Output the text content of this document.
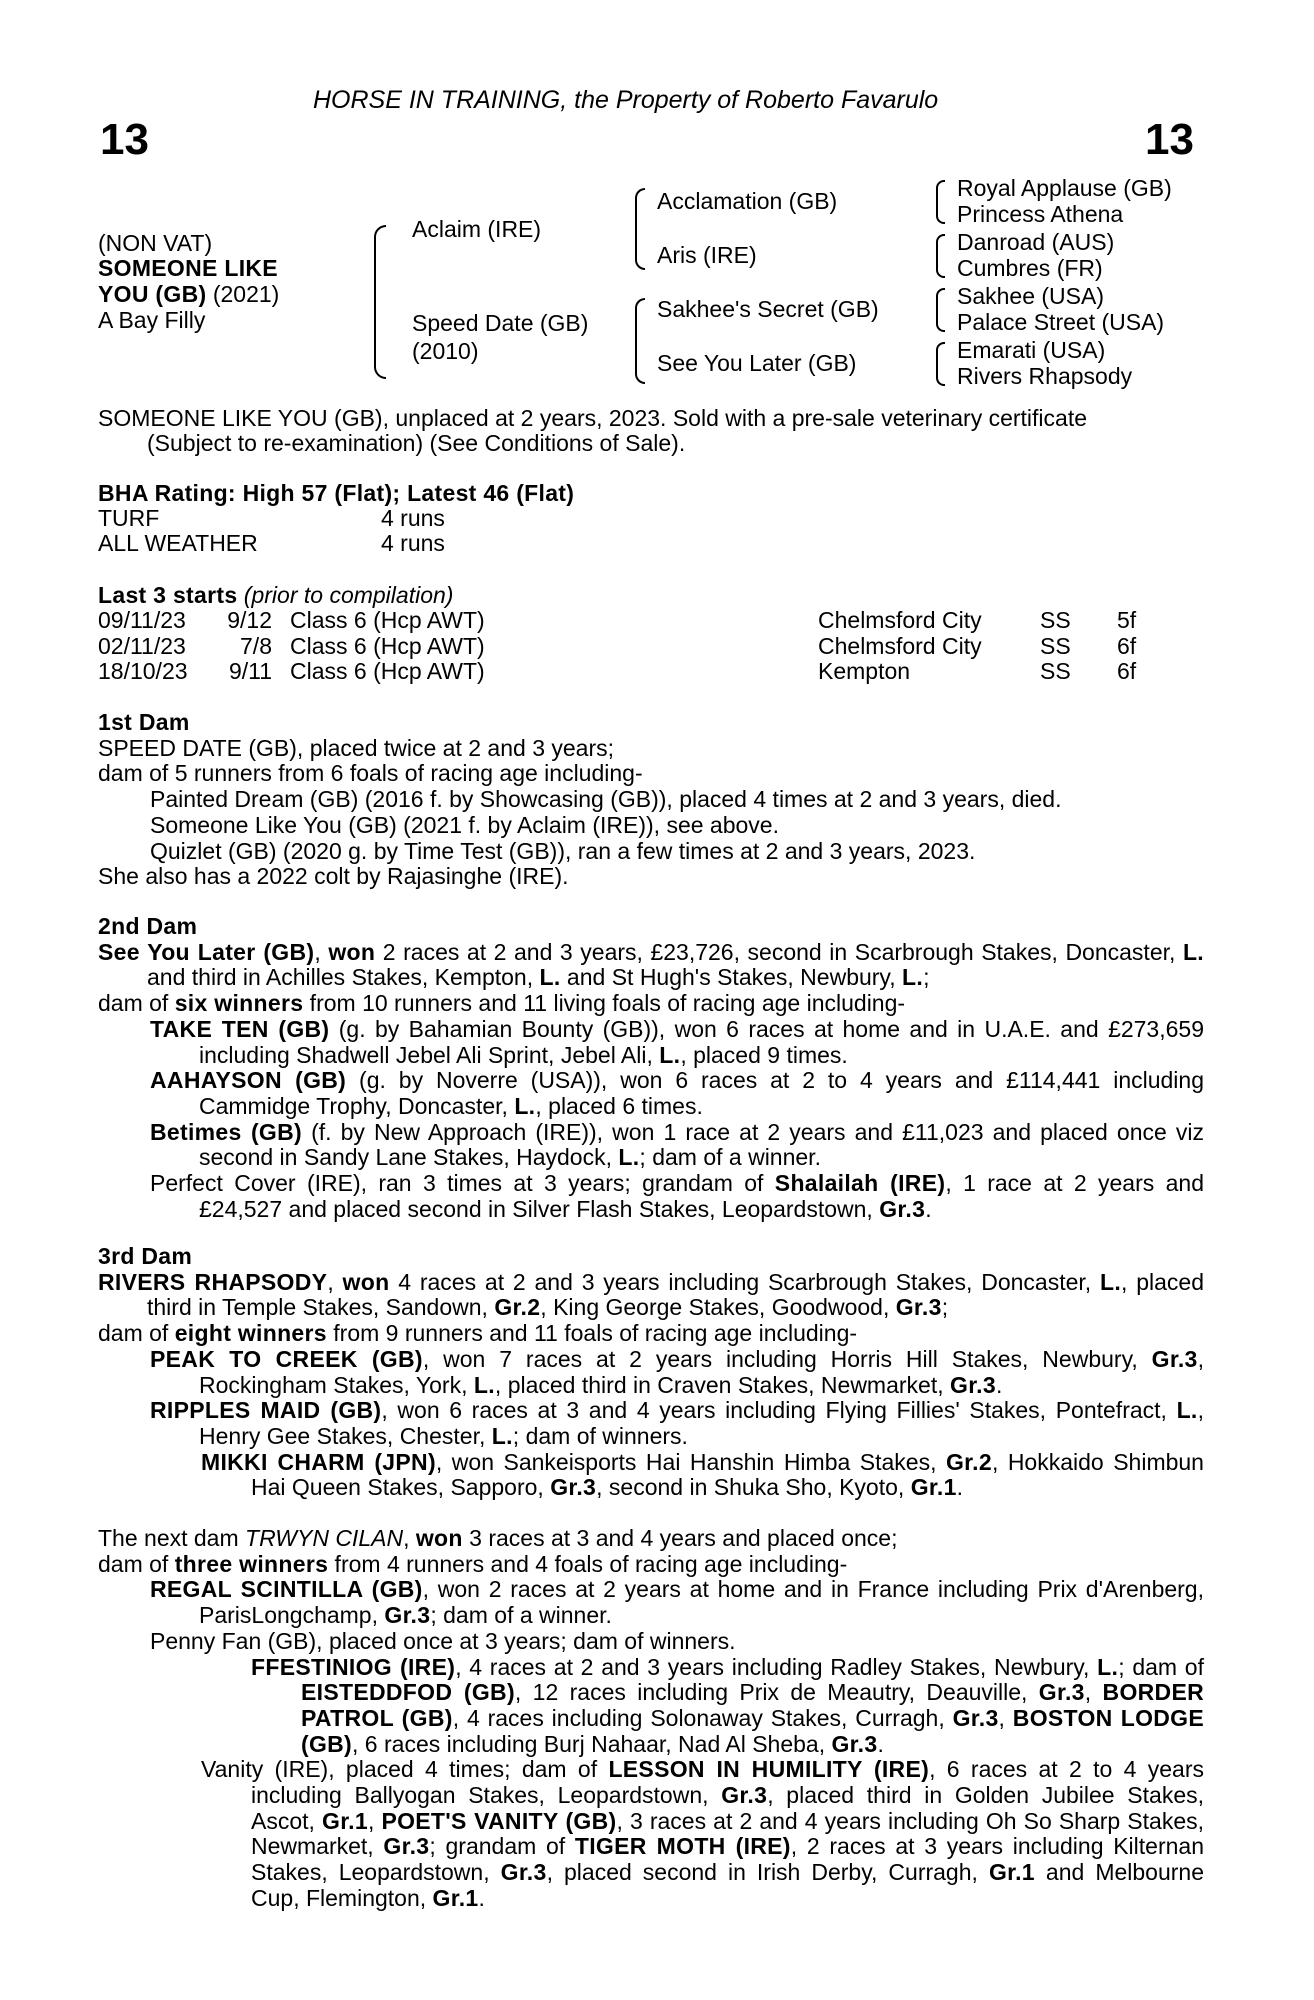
13	13
HORSE IN TRAINING, the Property of Roberto Favarulo
(NON VAT)
SOMEONE LIKE
YOU (GB) (2021)
A Bay Filly
Aclaim (IRE)
Speed Date (GB)
(2010)
Acclamation (GB)
Aris (IRE)
Sakhee's Secret (GB)
See You Later (GB)
Royal Applause (GB)
Princess Athena
Danroad (AUS)
Cumbres (FR)
Sakhee (USA)
Palace Street (USA)
Emarati (USA)
Rivers Rhapsody
SOMEONE LIKE YOU (GB), unplaced at 2 years, 2023. Sold with a pre-sale veterinary certificate
(Subject to re-examination) (See Conditions of Sale).
BHA Rating: High 57 (Flat); Latest 46 (Flat)
TURF	4 runs
ALL WEATHER	4 runs
Last 3 starts (prior to compilation)
09/11/23	9/12 Class 6 (Hcp AWT)	Chelmsford City	SS 5f
02/11/23	7/8 Class 6 (Hcp AWT)	Chelmsford City	SS 6f
18/10/23	9/11 Class 6 (Hcp AWT)	Kempton	SS 6f

1st Dam

SPEED DATE (GB), placed twice at 2 and 3 years;

dam of 5 runners from 6 foals of racing age including-

Painted Dream (GB) (2016 f. by Showcasing (GB)), placed 4 times at 2 and 3 years, died.

Someone Like You (GB) (2021 f. by Aclaim (IRE)), see above.

Quizlet (GB) (2020 g. by Time Test (GB)), ran a few times at 2 and 3 years, 2023.

She also has a 2022 colt by Rajasinghe (IRE).

2nd Dam

See You Later (GB), won 2 races at 2 and 3 years, £23,726, second in Scarbrough Stakes, Doncaster, L. and third in Achilles Stakes, Kempton, L. and St Hugh's Stakes, Newbury, L.;

dam of six winners from 10 runners and 11 living foals of racing age including-

TAKE TEN (GB) (g. by Bahamian Bounty (GB)), won 6 races at home and in U.A.E. and £273,659 including Shadwell Jebel Ali Sprint, Jebel Ali, L., placed 9 times.

AAHAYSON (GB) (g. by Noverre (USA)), won 6 races at 2 to 4 years and £114,441 including Cammidge Trophy, Doncaster, L., placed 6 times.

Betimes (GB) (f. by New Approach (IRE)), won 1 race at 2 years and £11,023 and placed once viz second in Sandy Lane Stakes, Haydock, L.; dam of a winner.

Perfect Cover (IRE), ran 3 times at 3 years; grandam of Shalailah (IRE), 1 race at 2 years and £24,527 and placed second in Silver Flash Stakes, Leopardstown, Gr.3.

3rd Dam

RIVERS RHAPSODY, won 4 races at 2 and 3 years including Scarbrough Stakes, Doncaster, L., placed third in Temple Stakes, Sandown, Gr.2, King George Stakes, Goodwood, Gr.3;

dam of eight winners from 9 runners and 11 foals of racing age including-

PEAK TO CREEK (GB), won 7 races at 2 years including Horris Hill Stakes, Newbury, Gr.3, Rockingham Stakes, York, L., placed third in Craven Stakes, Newmarket, Gr.3.

RIPPLES MAID (GB), won 6 races at 3 and 4 years including Flying Fillies' Stakes, Pontefract, L., Henry Gee Stakes, Chester, L.; dam of winners.

MIKKI CHARM (JPN), won Sankeisports Hai Hanshin Himba Stakes, Gr.2, Hokkaido Shimbun Hai Queen Stakes, Sapporo, Gr.3, second in Shuka Sho, Kyoto, Gr.1.

The next dam TRWYN CILAN, won 3 races at 3 and 4 years and placed once;

dam of three winners from 4 runners and 4 foals of racing age including-

REGAL SCINTILLA (GB), won 2 races at 2 years at home and in France including Prix d'Arenberg, ParisLongchamp, Gr.3; dam of a winner.

Penny Fan (GB), placed once at 3 years; dam of winners.

FFESTINIOG (IRE), 4 races at 2 and 3 years including Radley Stakes, Newbury, L.; dam of EISTEDDFOD (GB), 12 races including Prix de Meautry, Deauville, Gr.3, BORDER PATROL (GB), 4 races including Solonaway Stakes, Curragh, Gr.3, BOSTON LODGE (GB), 6 races including Burj Nahaar, Nad Al Sheba, Gr.3.

Vanity (IRE), placed 4 times; dam of LESSON IN HUMILITY (IRE), 6 races at 2 to 4 years including Ballyogan Stakes, Leopardstown, Gr.3, placed third in Golden Jubilee Stakes, Ascot, Gr.1, POET'S VANITY (GB), 3 races at 2 and 4 years including Oh So Sharp Stakes, Newmarket, Gr.3; grandam of TIGER MOTH (IRE), 2 races at 3 years including Kilternan Stakes, Leopardstown, Gr.3, placed second in Irish Derby, Curragh, Gr.1 and Melbourne Cup, Flemington, Gr.1.
